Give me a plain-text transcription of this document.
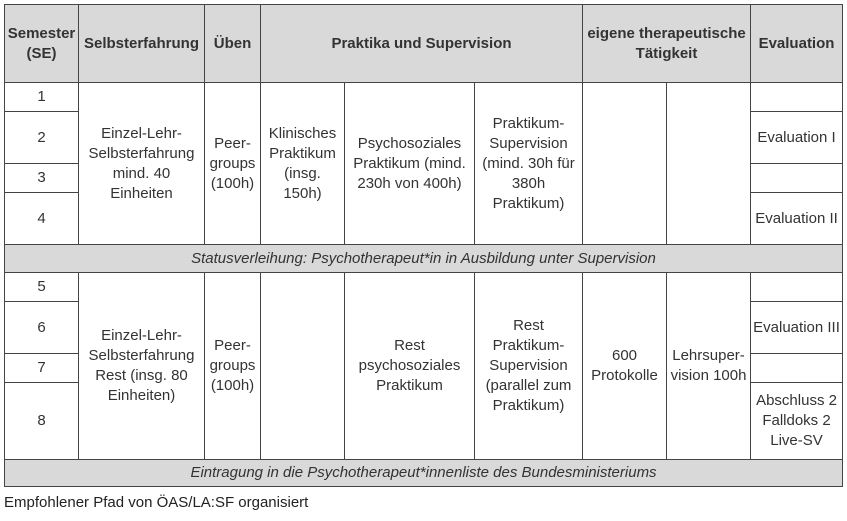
Semester (SE)	Selbsterfahrung	Üben	Praktika und Supervision			eigene therapeutische Tätigkeit		Evaluation
1	Einzel-Lehr-Selbsterfahrung mind. 40 Einheiten	Peer-groups (100h)	Klinisches Praktikum (insg. 150h)	Psychosoziales Praktikum (mind. 230h von 400h)	Praktikum-Supervision (mind. 30h für 380h Praktikum)			
2								Evaluation I
3								
4								Evaluation II
Statusverleihung: Psychotherapeut*in in Ausbildung unter Supervision								
5	Einzel-Lehr-Selbsterfahrung Rest (insg. 80 Einheiten)	Peer-groups (100h)		Rest psychosoziales Praktikum	Rest Praktikum-Supervision (parallel zum Praktikum)	600 Protokolle	Lehrsuper-vision 100h	
6								Evaluation III
7								
8								Abschluss 2 Falldoks 2 Live-SV
Eintragung in die Psychotherapeut*innenliste des Bundesministeriums								
Empfohlener Pfad von ÖAS/LA:SF organisiert
